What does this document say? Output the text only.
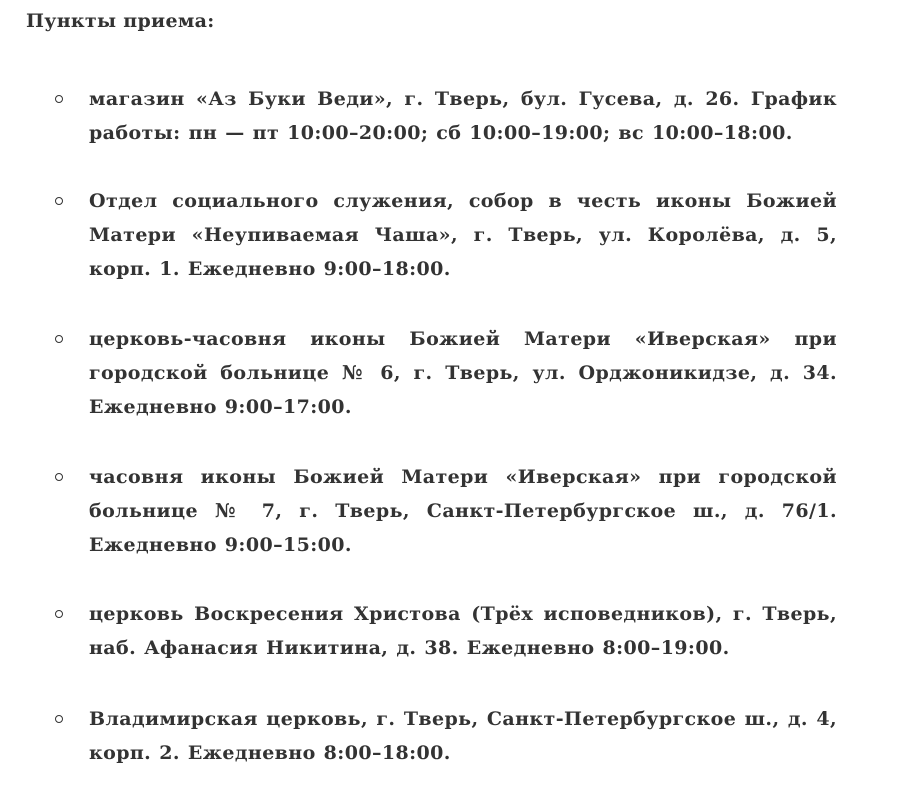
Пункты приема:
магазин «Аз Буки Веди», г. Тверь, бул. Гусева, д. 26. График работы: пн — пт 10:00–20:00; сб 10:00–19:00; вс 10:00–18:00.
Отдел социального служения, собор в честь иконы Божией Матери «Неупиваемая Чаша», г. Тверь, ул. Королёва, д. 5, корп. 1. Ежедневно 9:00–18:00.
церковь-часовня иконы Божией Матери «Иверская» при городской больнице № 6, г. Тверь, ул. Орджоникидзе, д. 34. Ежедневно 9:00–17:00.
часовня иконы Божией Матери «Иверская» при городской больнице № 7, г. Тверь, Санкт-Петербургское ш., д. 76/1. Ежедневно 9:00–15:00.
церковь Воскресения Христова (Трёх исповедников), г. Тверь, наб. Афанасия Никитина, д. 38. Ежедневно 8:00–19:00.
Владимирская церковь, г. Тверь, Санкт-Петербургское ш., д. 4, корп. 2. Ежедневно 8:00–18:00.
